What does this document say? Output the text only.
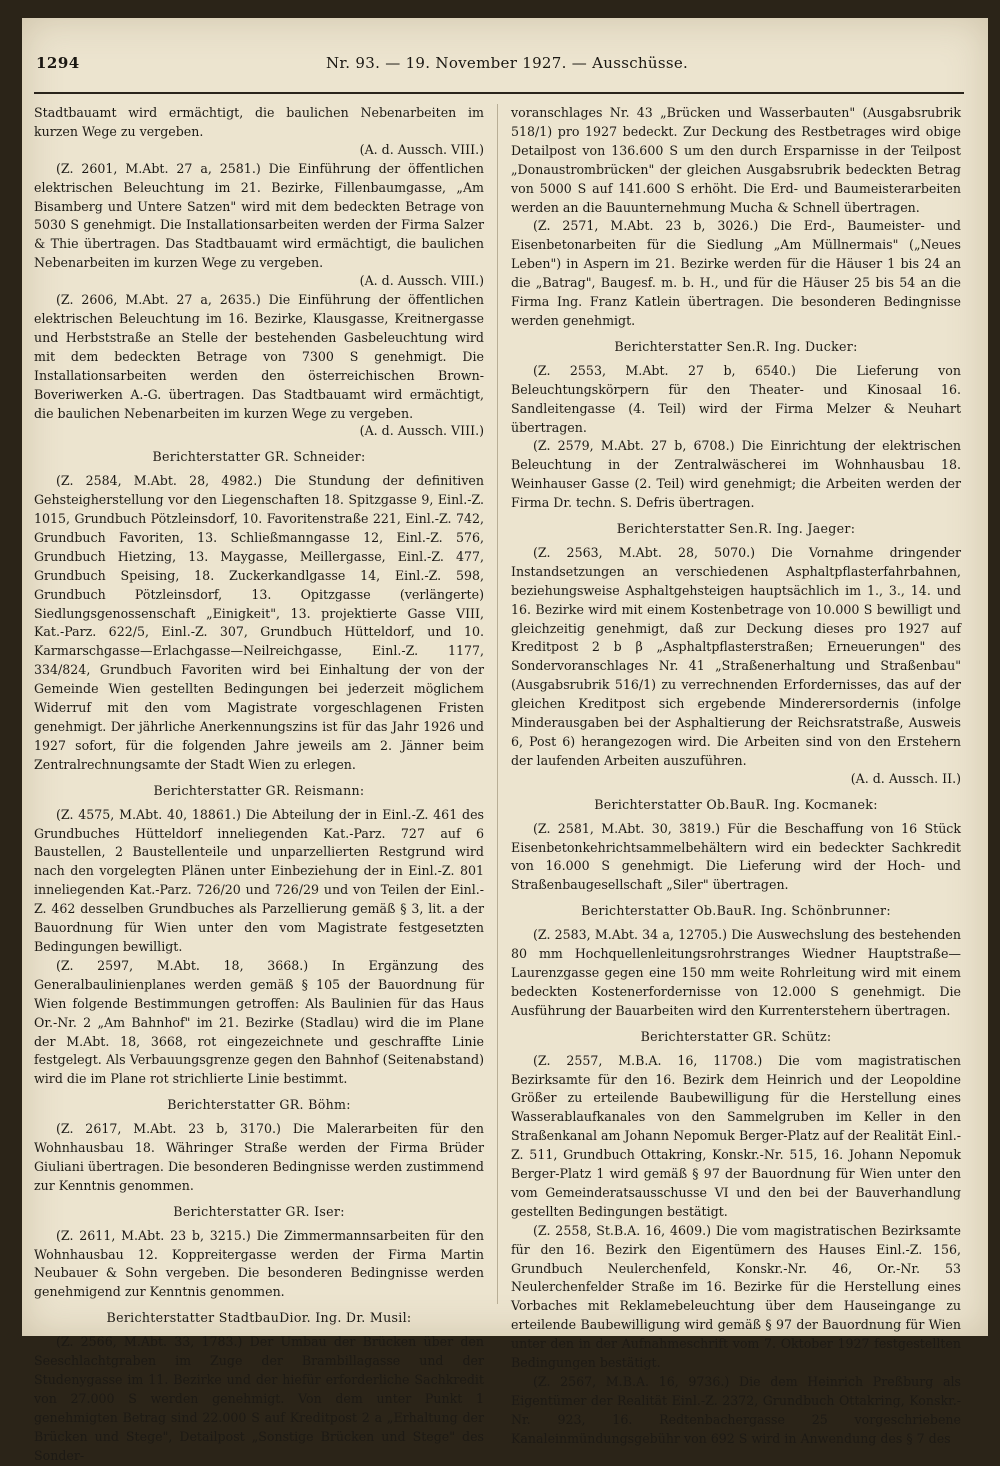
1294	Nr. 93. — 19. November 1927. — Ausschüsse.

Stadtbauamt wird ermächtigt, die baulichen Nebenarbeiten im kurzen Wege zu vergeben.

(A. d. Aussch. VIII.)

(Z. 2601, M.Abt. 27 a, 2581.) Die Einführung der öffentlichen elektrischen Beleuchtung im 21. Bezirke, Fillenbaumgasse, „Am Bisamberg und Untere Satzen" wird mit dem bedeckten Betrage von 5030 S genehmigt. Die Installationsarbeiten werden der Firma Salzer & Thie übertragen. Das Stadtbauamt wird ermächtigt, die baulichen Nebenarbeiten im kurzen Wege zu vergeben.

(A. d. Aussch. VIII.)

(Z. 2606, M.Abt. 27 a, 2635.) Die Einführung der öffentlichen elektrischen Beleuchtung im 16. Bezirke, Klausgasse, Kreitnergasse und Herbststraße an Stelle der bestehenden Gasbeleuchtung wird mit dem bedeckten Betrage von 7300 S genehmigt. Die Installationsarbeiten werden den österreichischen Brown-Boveriwerken A.-G. übertragen. Das Stadtbauamt wird ermächtigt, die baulichen Nebenarbeiten im kurzen Wege zu vergeben.

(A. d. Aussch. VIII.)

Berichterstatter GR. Schneider:

(Z. 2584, M.Abt. 28, 4982.) Die Stundung der definitiven Gehsteigherstellung vor den Liegenschaften 18. Spitzgasse 9, Einl.-Z. 1015, Grundbuch Pötzleinsdorf, 10. Favoritenstraße 221, Einl.-Z. 742, Grundbuch Favoriten, 13. Schließmanngasse 12, Einl.-Z. 576, Grundbuch Hietzing, 13. Maygasse, Meillergasse, Einl.-Z. 477, Grundbuch Speising, 18. Zuckerkandlgasse 14, Einl.-Z. 598, Grundbuch Pötzleinsdorf, 13. Opitzgasse (verlängerte) Siedlungsgenossenschaft „Einigkeit", 13. projektierte Gasse VIII, Kat.-Parz. 622/5, Einl.-Z. 307, Grundbuch Hütteldorf, und 10. Karmarschgasse—Erlachgasse—Neilreichgasse, Einl.-Z. 1177, 334/824, Grundbuch Favoriten wird bei Einhaltung der von der Gemeinde Wien gestellten Bedingungen bei jederzeit möglichem Widerruf mit den vom Magistrate vorgeschlagenen Fristen genehmigt. Der jährliche Anerkennungszins ist für das Jahr 1926 und 1927 sofort, für die folgenden Jahre jeweils am 2. Jänner beim Zentralrechnungsamte der Stadt Wien zu erlegen.

Berichterstatter GR. Reismann:

(Z. 4575, M.Abt. 40, 18861.) Die Abteilung der in Einl.-Z. 461 des Grundbuches Hütteldorf inneliegenden Kat.-Parz. 727 auf 6 Baustellen, 2 Baustellenteile und unparzellierten Restgrund wird nach den vorgelegten Plänen unter Einbeziehung der in Einl.-Z. 801 inneliegenden Kat.-Parz. 726/20 und 726/29 und von Teilen der Einl.-Z. 462 desselben Grundbuches als Parzellierung gemäß § 3, lit. a der Bauordnung für Wien unter den vom Magistrate festgesetzten Bedingungen bewilligt.

(Z. 2597, M.Abt. 18, 3668.) In Ergänzung des Generalbaulinienplanes werden gemäß § 105 der Bauordnung für Wien folgende Bestimmungen getroffen: Als Baulinien für das Haus Or.-Nr. 2 „Am Bahnhof" im 21. Bezirke (Stadlau) wird die im Plane der M.Abt. 18, 3668, rot eingezeichnete und geschraffte Linie festgelegt. Als Verbauungsgrenze gegen den Bahnhof (Seitenabstand) wird die im Plane rot strichlierte Linie bestimmt.

Berichterstatter GR. Böhm:

(Z. 2617, M.Abt. 23 b, 3170.) Die Malerarbeiten für den Wohnhausbau 18. Währinger Straße werden der Firma Brüder Giuliani übertragen. Die besonderen Bedingnisse werden zustimmend zur Kenntnis genommen.

Berichterstatter GR. Iser:

(Z. 2611, M.Abt. 23 b, 3215.) Die Zimmermannsarbeiten für den Wohnhausbau 12. Koppreitergasse werden der Firma Martin Neubauer & Sohn vergeben. Die besonderen Bedingnisse werden genehmigend zur Kenntnis genommen.

Berichterstatter StadtbauDior. Ing. Dr. Musil:

(Z. 2566, M.Abt. 33, 1783.) Der Umbau der Brücken über den Seeschlachtgraben im Zuge der Brambillagasse und der Studenygasse im 11. Bezirke und der hiefür erforderliche Sachkredit von 27.000 S werden genehmigt. Von dem unter Punkt 1 genehmigten Betrag sind 22.000 S auf Kreditpost 2 a „Erhaltung der Brücken und Stege", Detailpost „Sonstige Brücken und Stege" des Sonder-

voranschlages Nr. 43 „Brücken und Wasserbauten" (Ausgabsrubrik 518/1) pro 1927 bedeckt. Zur Deckung des Restbetrages wird obige Detailpost von 136.600 S um den durch Ersparnisse in der Teilpost „Donaustrombrücken" der gleichen Ausgabsrubrik bedeckten Betrag von 5000 S auf 141.600 S erhöht. Die Erd- und Baumeisterarbeiten werden an die Bauunternehmung Mucha & Schnell übertragen.

(Z. 2571, M.Abt. 23 b, 3026.) Die Erd-, Baumeister- und Eisenbetonarbeiten für die Siedlung „Am Müllnermais" („Neues Leben") in Aspern im 21. Bezirke werden für die Häuser 1 bis 24 an die „Batrag", Baugesf. m. b. H., und für die Häuser 25 bis 54 an die Firma Ing. Franz Katlein übertragen. Die besonderen Bedingnisse werden genehmigt.

Berichterstatter Sen.R. Ing. Ducker:

(Z. 2553, M.Abt. 27 b, 6540.) Die Lieferung von Beleuchtungskörpern für den Theater- und Kinosaal 16. Sandleitengasse (4. Teil) wird der Firma Melzer & Neuhart übertragen.

(Z. 2579, M.Abt. 27 b, 6708.) Die Einrichtung der elektrischen Beleuchtung in der Zentralwäscherei im Wohnhausbau 18. Weinhauser Gasse (2. Teil) wird genehmigt; die Arbeiten werden der Firma Dr. techn. S. Defris übertragen.

Berichterstatter Sen.R. Ing. Jaeger:

(Z. 2563, M.Abt. 28, 5070.) Die Vornahme dringender Instandsetzungen an verschiedenen Asphaltpflasterfahrbahnen, beziehungsweise Asphaltgehsteigen hauptsächlich im 1., 3., 14. und 16. Bezirke wird mit einem Kostenbetrage von 10.000 S bewilligt und gleichzeitig genehmigt, daß zur Deckung dieses pro 1927 auf Kreditpost 2 b β „Asphaltpflasterstraßen; Erneuerungen" des Sondervoranschlages Nr. 41 „Straßenerhaltung und Straßenbau" (Ausgabsrubrik 516/1) zu verrechnenden Erfordernisses, das auf der gleichen Kreditpost sich ergebende Minderersordernis (infolge Minderausgaben bei der Asphaltierung der Reichsratstraße, Ausweis 6, Post 6) herangezogen wird. Die Arbeiten sind von den Erstehern der laufenden Arbeiten auszuführen.

(A. d. Aussch. II.)

Berichterstatter Ob.BauR. Ing. Kocmanek:

(Z. 2581, M.Abt. 30, 3819.) Für die Beschaffung von 16 Stück Eisenbetonkehrichtsammelbehältern wird ein bedeckter Sachkredit von 16.000 S genehmigt. Die Lieferung wird der Hoch- und Straßenbaugesellschaft „Siler" übertragen.

Berichterstatter Ob.BauR. Ing. Schönbrunner:

(Z. 2583, M.Abt. 34 a, 12705.) Die Auswechslung des bestehenden 80 mm Hochquellenleitungsrohrstranges Wiedner Hauptstraße—Laurenzgasse gegen eine 150 mm weite Rohrleitung wird mit einem bedeckten Kostenerfordernisse von 12.000 S genehmigt. Die Ausführung der Bauarbeiten wird den Kurrenterstehern übertragen.

Berichterstatter GR. Schütz:

(Z. 2557, M.B.A. 16, 11708.) Die vom magistratischen Bezirksamte für den 16. Bezirk dem Heinrich und der Leopoldine Größer zu erteilende Baubewilligung für die Herstellung eines Wasserablaufkanales von den Sammelgruben im Keller in den Straßenkanal am Johann Nepomuk Berger-Platz auf der Realität Einl.-Z. 511, Grundbuch Ottakring, Konskr.-Nr. 515, 16. Johann Nepomuk Berger-Platz 1 wird gemäß § 97 der Bauordnung für Wien unter den vom Gemeinderatsausschusse VI und den bei der Bauverhandlung gestellten Bedingungen bestätigt.

(Z. 2558, St.B.A. 16, 4609.) Die vom magistratischen Bezirksamte für den 16. Bezirk den Eigentümern des Hauses Einl.-Z. 156, Grundbuch Neulerchenfeld, Konskr.-Nr. 46, Or.-Nr. 53 Neulerchenfelder Straße im 16. Bezirke für die Herstellung eines Vorbaches mit Reklamebeleuchtung über dem Hauseingange zu erteilende Baubewilligung wird gemäß § 97 der Bauordnung für Wien unter den in der Aufnahmeschrift vom 7. Oktober 1927 festgestellten Bedingungen bestätigt.

(Z. 2567, M.B.A. 16, 9736.) Die dem Heinrich Preßburg als Eigentümer der Realität Einl.-Z. 2372, Grundbuch Ottakring, Konskr.-Nr. 923, 16. Redtenbachergasse 25 vorgeschriebene Kanaleinmündungsgebühr von 692 S wird in Anwendung des § 7 des
